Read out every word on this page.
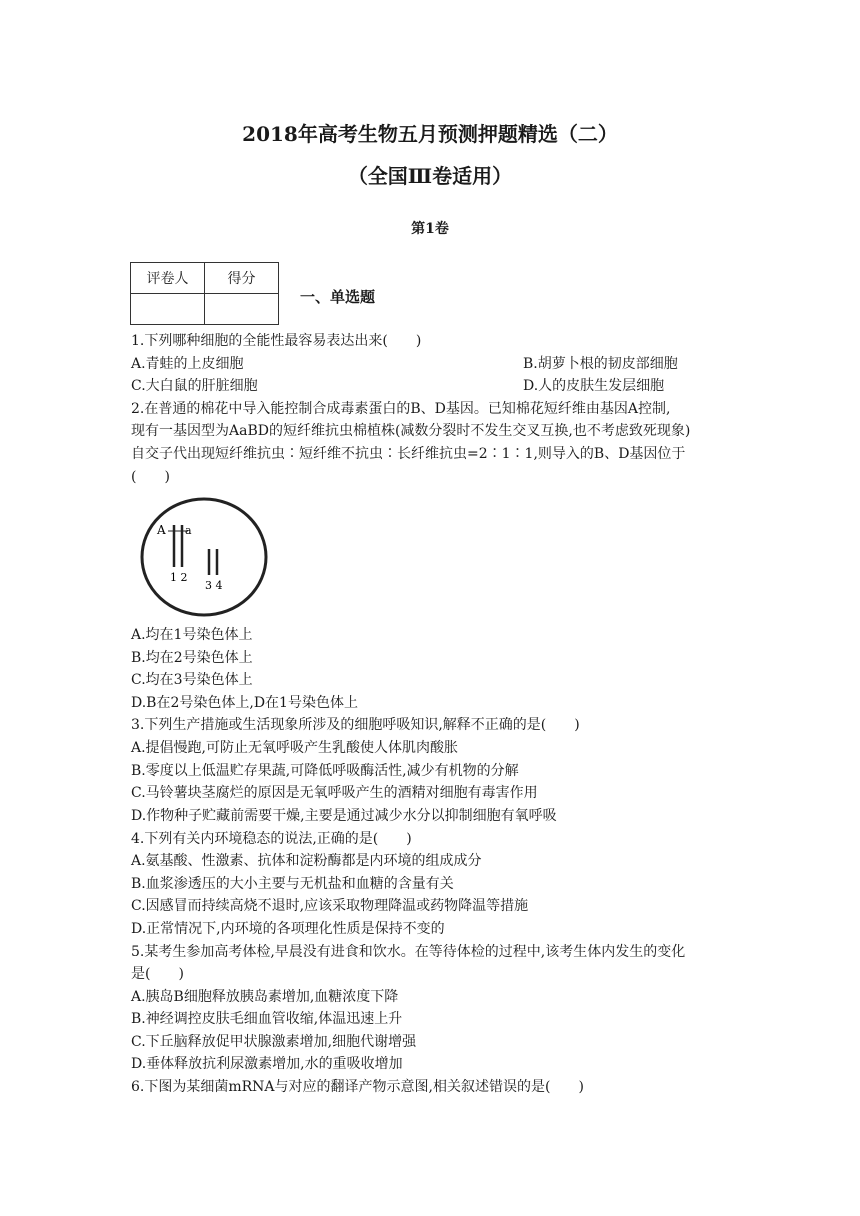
2018年高考生物五月预测押题精选（二）
（全国Ⅲ卷适用）
第1卷
评卷人	得分

一、单选题
1.下列哪种细胞的全能性最容易表达出来(　　)
A.青蛙的上皮细胞	B.胡萝卜根的韧皮部细胞
C.大白鼠的肝脏细胞	D.人的皮肤生发层细胞
2.在普通的棉花中导入能控制合成毒素蛋白的B、D基因。已知棉花短纤维由基因A控制,
现有一基因型为AaBD的短纤维抗虫棉植株(减数分裂时不发生交叉互换,也不考虑致死现象)
自交子代出现短纤维抗虫∶短纤维不抗虫∶长纤维抗虫=2∶1∶1,则导入的B、D基因位于
(　　)
A a
1 2
3 4
A.均在1号染色体上
B.均在2号染色体上
C.均在3号染色体上
D.B在2号染色体上,D在1号染色体上
3.下列生产措施或生活现象所涉及的细胞呼吸知识,解释不正确的是(　　)
A.提倡慢跑,可防止无氧呼吸产生乳酸使人体肌肉酸胀
B.零度以上低温贮存果蔬,可降低呼吸酶活性,减少有机物的分解
C.马铃薯块茎腐烂的原因是无氧呼吸产生的酒精对细胞有毒害作用
D.作物种子贮藏前需要干燥,主要是通过减少水分以抑制细胞有氧呼吸
4.下列有关内环境稳态的说法,正确的是(　　)
A.氨基酸、性激素、抗体和淀粉酶都是内环境的组成成分
B.血浆渗透压的大小主要与无机盐和血糖的含量有关
C.因感冒而持续高烧不退时,应该采取物理降温或药物降温等措施
D.正常情况下,内环境的各项理化性质是保持不变的
5.某考生参加高考体检,早晨没有进食和饮水。在等待体检的过程中,该考生体内发生的变化
是(　　)
A.胰岛B细胞释放胰岛素增加,血糖浓度下降
B.神经调控皮肤毛细血管收缩,体温迅速上升
C.下丘脑释放促甲状腺激素增加,细胞代谢增强
D.垂体释放抗利尿激素增加,水的重吸收增加
6.下图为某细菌mRNA与对应的翻译产物示意图,相关叙述错误的是(　　)
